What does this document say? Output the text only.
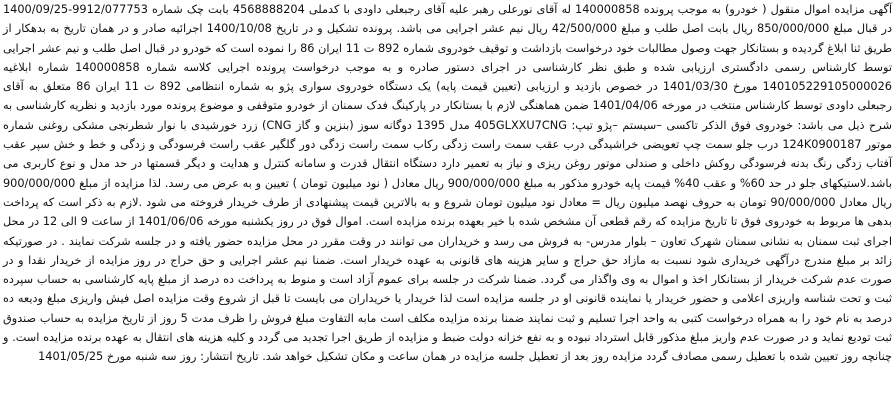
آگهی مزایده اموال منقول ( خودرو) به موجب پرونده 140000858 له آقای نورعلی رهبر علیه آقای رجبعلی داودی با کدملی 4568888204 بابت چک شماره 9912/077753-1400/09/25 در قبال مبلغ 850/000/000 ریال بابت اصل طلب و مبلغ 42/500/000 ریال نیم عشر اجرایی می باشد. پرونده تشکیل و در تاریخ 1400/10/08 اجرائیه صادر و در همان تاریخ به بدهکار از طریق ثنا ابلاغ گردیده و بستانکار جهت وصول مطالبات خود درخواست بازداشت و توقیف خودروی شماره 892 ت 11 ایران 86 را نموده است که خودرو در قبال اصل طلب و نیم عشر اجرایی توسط کارشناس رسمی دادگستری ارزیابی شده و طبق نظر کارشناسی در اجرای دستور صادره و به موجب درخواست پرونده اجرایی کلاسه شماره 140000858 شماره ابلاغیه 140105229105000026 مورخ 1401/03/30 در خصوص بازدید و ارزیابی (تعیین قیمت پایه) یک دستگاه خودروی سواری پژو به شماره انتظامی 892 ت 11 ایران 86 متعلق به آقای رجبعلی داودی توسط کارشناس منتخب در مورخه 1401/04/06 ضمن هماهنگی لازم با بستانکار در پارکینگ فدک سمنان از خودرو متوقفی و موضوع پرونده مورد بازدید و نظریه کارشناسی به شرح ذیل می باشد: خودروی فوق الذکر تاکسی –سیستم –پژو تیپ: 405GLXXU7CNG مدل 1395 دوگانه سوز (بنزین و گاز CNG) زرد خورشیدی با نوار شطرنجی مشکی روغنی شماره موتور 124K0900187 درب جلو سمت چپ تعویضی خراشیدگی درب عقب سمت راست زدگی رکاب سمت راست زدگی دور گلگیر عقب راست فرسودگی و زدگی و خط و خش سپر عقب آفتاب زدگی رنگ بدنه فرسودگی روکش داخلی و صندلی موتور روغن ریزی و نیاز به تعمیر دارد دستگاه انتقال قدرت و سامانه کنترل و هدایت و دیگر قسمتها در حد مدل و نوع کاربری می باشد.لاستیکهای جلو در حد 60% و عقب 40% قیمت پایه خودرو مذکور به مبلغ 900/000/000 ریال معادل ( نود میلیون تومان ) تعیین و به عرض می رسد. لذا مزایده از مبلغ 900/000/000 ریال معادل 90/000/000 تومان به حروف نهصد میلیون ریال = معادل نود میلیون تومان شروع و به بالاترین قیمت پیشنهادی از طرف خریدار فروخته می شود .لازم به ذکر است که پرداخت بدهی ها مربوط به خودروی فوق تا تاریخ مزایده که رقم قطعی آن مشخص شده با خیر بعهده برنده مزایده است. اموال فوق در روز یکشنبه مورخه 1401/06/06 از ساعت 9 الی 12 در محل اجرای ثبت سمنان به نشانی سمنان شهرک تعاون – بلوار مدرس- به فروش می رسد و خریداران می توانند در وقت مقرر در محل مزایده حضور یافته و در جلسه شرکت نمایند . در صورتیکه زائد بر مبلغ مندرج درآگهی خریداری شود نسبت به مازاد حق حراج و سایر هزینه های قانونی به عهده خریدار است. ضمنا نیم عشر اجرایی و حق حراج در روز مزایده از خریدار نقدا و در صورت عدم شرکت خریدار از بستانکار اخذ و اموال به وی واگذار می گردد. ضمنا شرکت در جلسه برای عموم آزاد است و منوط به پرداخت ده درصد از مبلغ پایه کارشناسی به حساب سپرده ثبت و تحت شناسه واریزی اعلامی و حضور خریدار یا نماینده قانونی او در جلسه مزایده است لذا خریدار یا خریداران می بایست تا قبل از شروع وقت مزایده اصل فیش واریزی مبلغ ودیعه ده درصد به نام خود را به همراه درخواست کتبی به واحد اجرا تسلیم و ثبت نمایند ضمنا برنده مزایده مکلف است مابه التفاوت مبلغ فروش را ظرف مدت 5 روز از تاریخ مزایده به حساب صندوق ثبت تودیع نماید و در صورت عدم واریز مبلغ مذکور قابل استرداد نبوده و به نفع خزانه دولت ضبط و مزایده از طریق اجرا تجدید می گردد و کلیه هزینه های انتقال به عهده برنده مزایده است. و چنانچه روز تعیین شده با تعطیل رسمی مصادف گردد مزایده روز بعد از تعطیل جلسه مزایده در همان ساعت و مکان تشکیل خواهد شد. تاریخ انتشار: روز سه شنبه مورخ 1401/05/25
